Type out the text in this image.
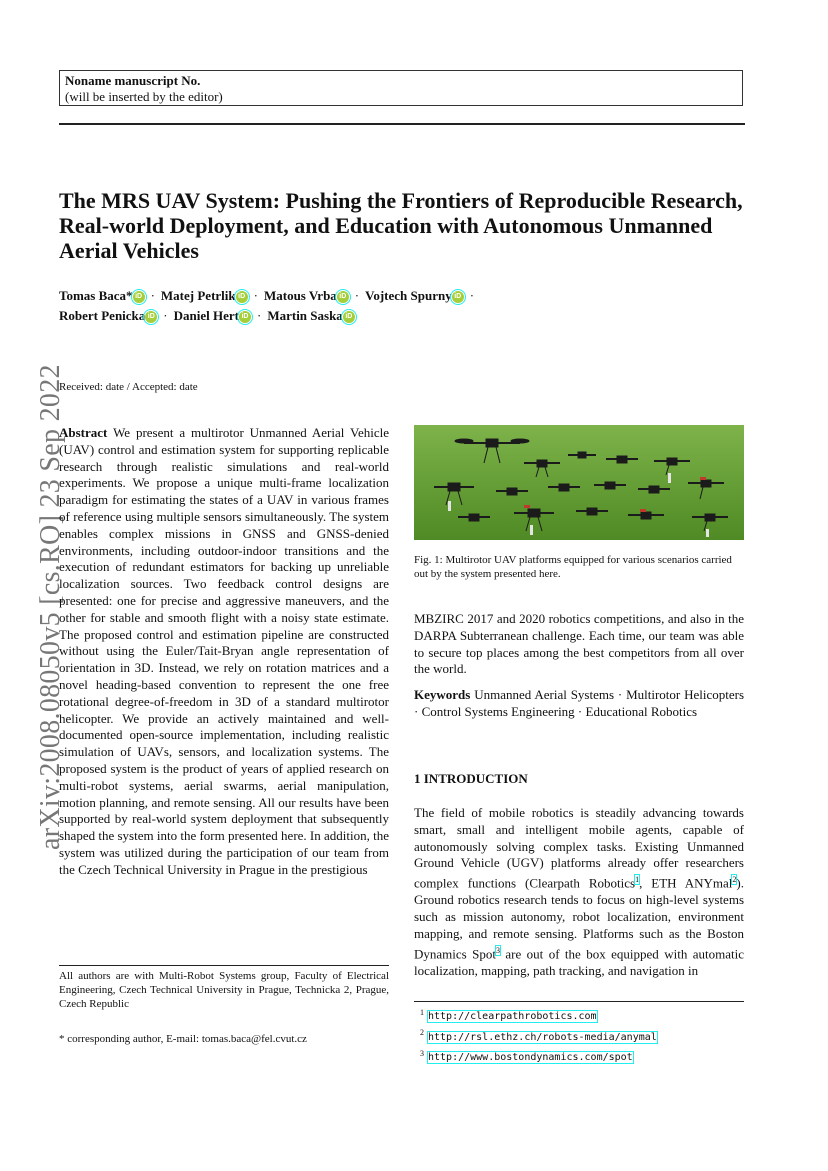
Noname manuscript No.
(will be inserted by the editor)
The MRS UAV System: Pushing the Frontiers of Reproducible Research, Real-world Deployment, and Education with Autonomous Unmanned Aerial Vehicles
Tomas Baca* iD · Matej Petrlik iD · Matous Vrba iD · Vojtech Spurny iD ·
Robert Penicka iD · Daniel Hert iD · Martin Saska iD
arXiv:2008.08050v5 [cs.RO] 23 Sep 2022
Received: date / Accepted: date
Abstract We present a multirotor Unmanned Aerial Vehicle (UAV) control and estimation system for supporting replicable research through realistic simulations and real-world experiments. We propose a unique multi-frame localization paradigm for estimating the states of a UAV in various frames of reference using multiple sensors simultaneously. The system enables complex missions in GNSS and GNSS-denied environments, including outdoor-indoor transitions and the execution of redundant estimators for backing up unreliable localization sources. Two feedback control designs are presented: one for precise and aggressive maneuvers, and the other for stable and smooth flight with a noisy state estimate. The proposed control and estimation pipeline are constructed without using the Euler/Tait-Bryan angle representation of orientation in 3D. Instead, we rely on rotation matrices and a novel heading-based convention to represent the one free rotational degree-of-freedom in 3D of a standard multirotor helicopter. We provide an actively maintained and well-documented open-source implementation, including realistic simulation of UAVs, sensors, and localization systems. The proposed system is the product of years of applied research on multi-robot systems, aerial swarms, aerial manipulation, motion planning, and remote sensing. All our results have been supported by real-world system deployment that subsequently shaped the system into the form presented here. In addition, the system was utilized during the participation of our team from the Czech Technical University in Prague in the prestigious
All authors are with Multi-Robot Systems group, Faculty of Electrical Engineering, Czech Technical University in Prague, Technicka 2, Prague, Czech Republic
* corresponding author, E-mail: tomas.baca@fel.cvut.cz
Fig. 1: Multirotor UAV platforms equipped for various scenarios carried out by the system presented here.
MBZIRC 2017 and 2020 robotics competitions, and also in the DARPA Subterranean challenge. Each time, our team was able to secure top places among the best competitors from all over the world.
Keywords Unmanned Aerial Systems · Multirotor Helicopters · Control Systems Engineering · Educational Robotics
1 INTRODUCTION
The field of mobile robotics is steadily advancing towards smart, small and intelligent mobile agents, capable of autonomously solving complex tasks. Existing Unmanned Ground Vehicle (UGV) platforms already offer researchers complex functions (Clearpath Robotics$^1$, ETH ANYmal$^2$). Ground robotics research tends to focus on high-level systems such as mission autonomy, robot localization, environment mapping, and remote sensing. Platforms such as the Boston Dynamics Spot$^3$ are out of the box equipped with automatic localization, mapping, path tracking, and navigation in
$^1$ http://clearpathrobotics.com
$^2$ http://rsl.ethz.ch/robots-media/anymal
$^3$ http://www.bostondynamics.com/spot
